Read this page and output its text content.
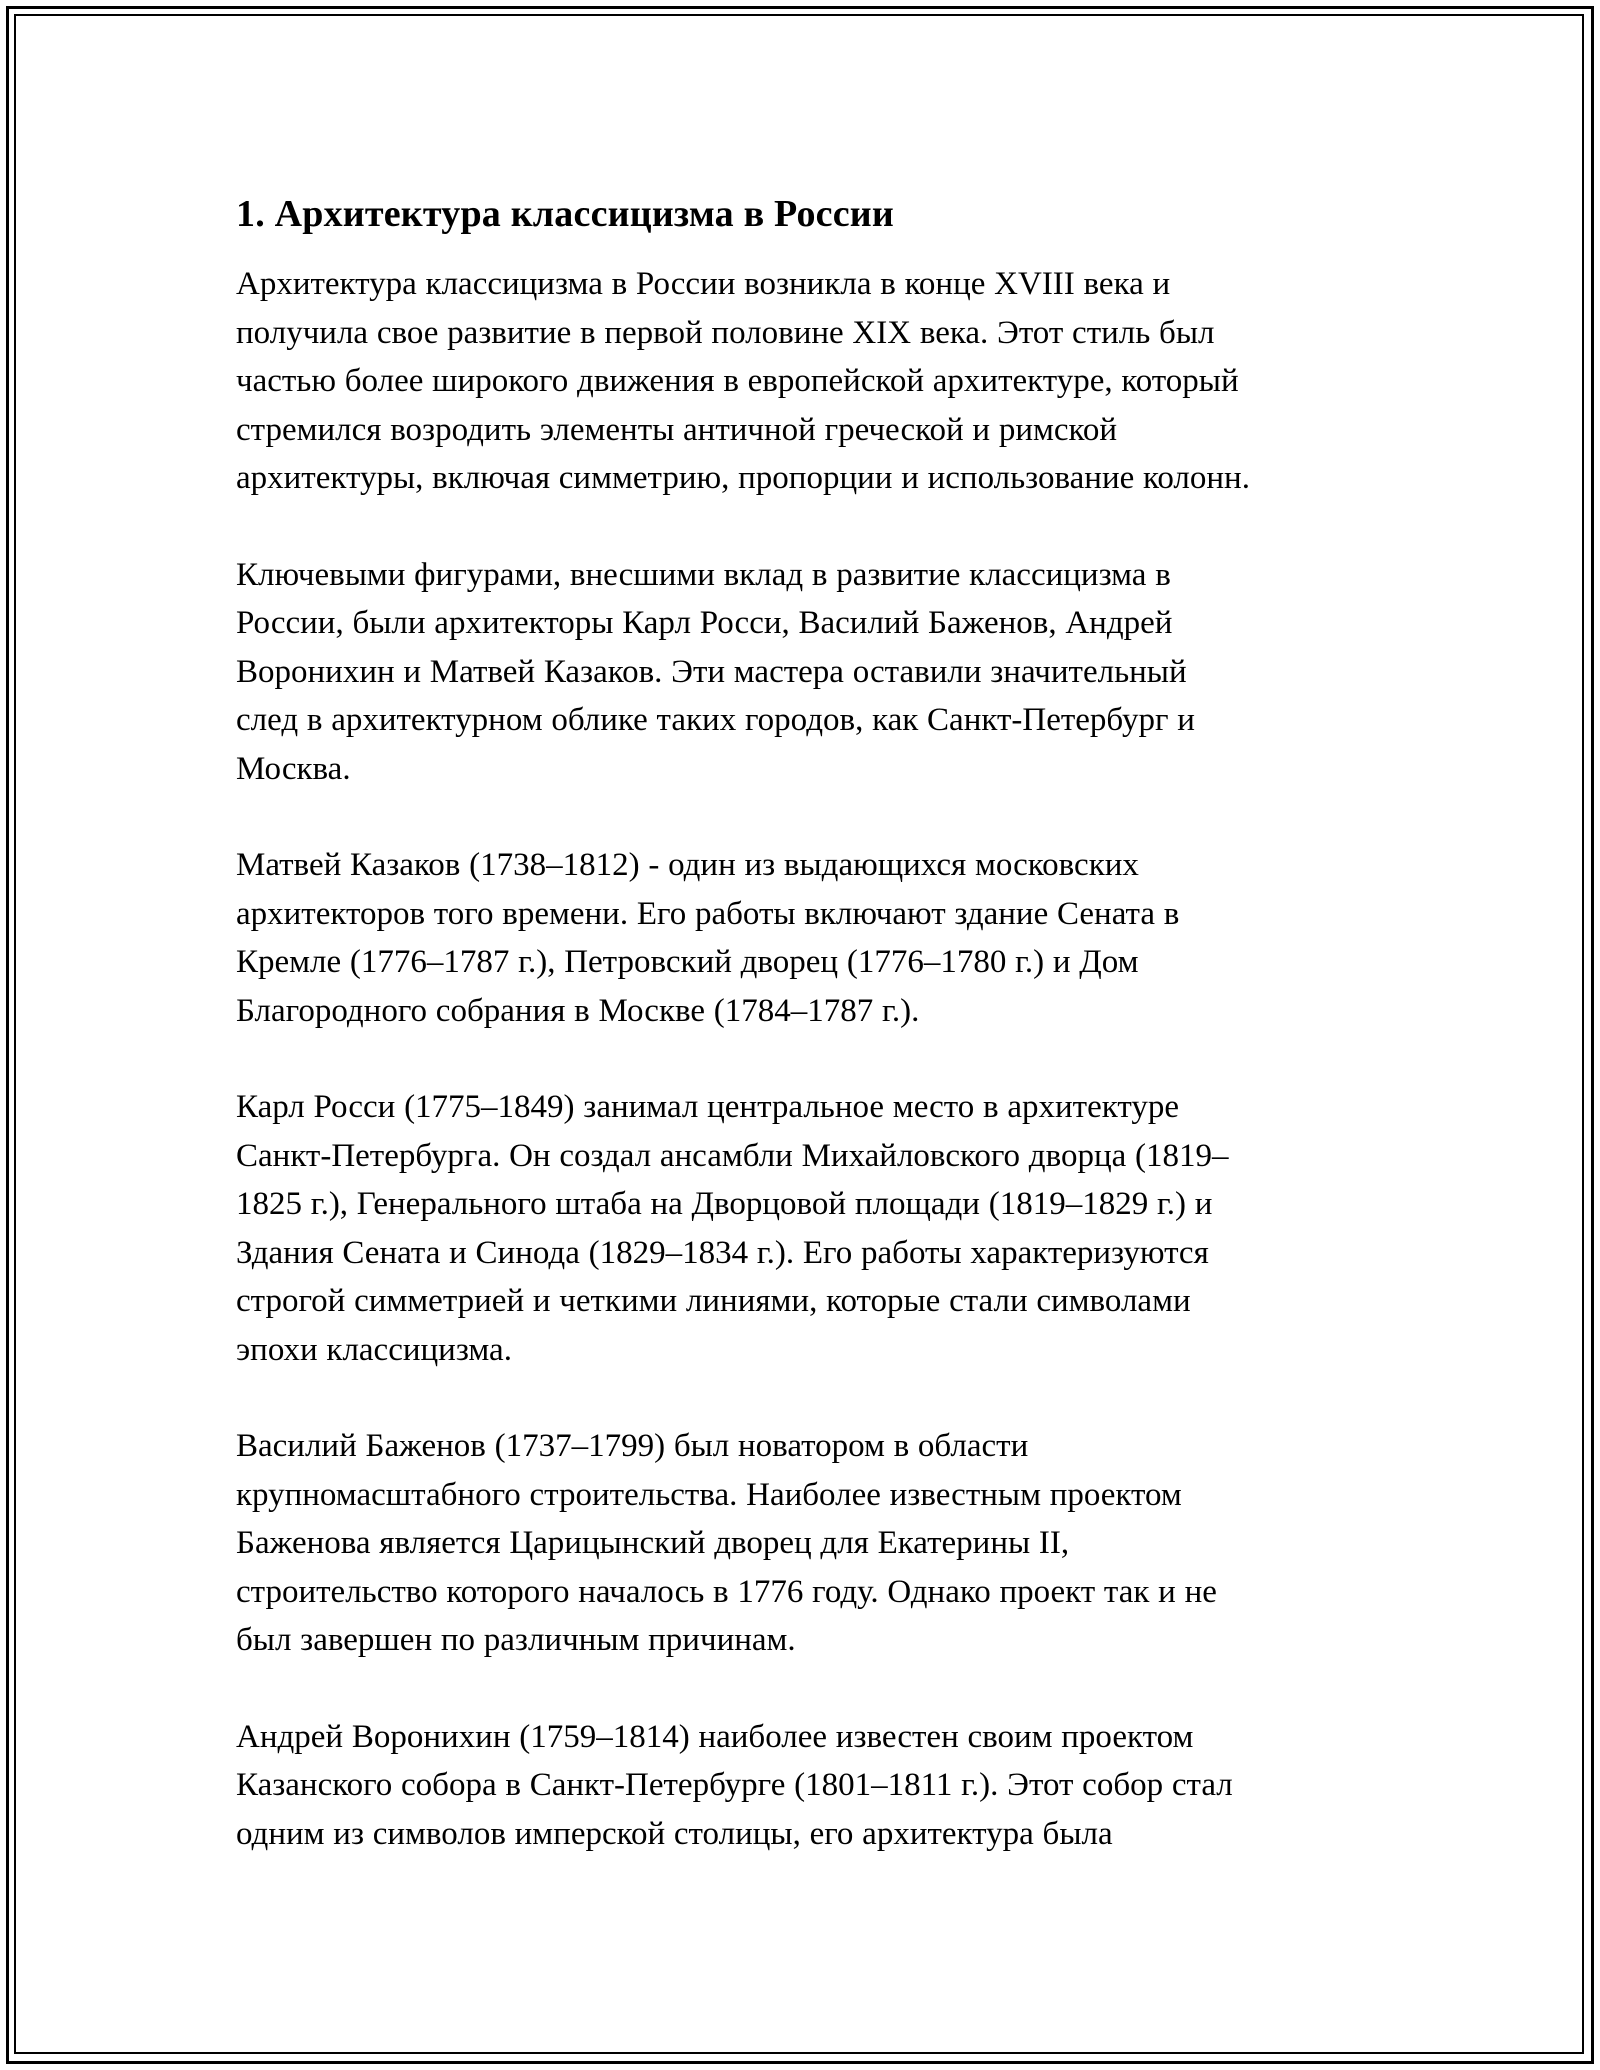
1. Архитектура классицизма в России

Архитектура классицизма в России возникла в конце XVIII века и
получила свое развитие в первой половине XIX века. Этот стиль был
частью более широкого движения в европейской архитектуре, который
стремился возродить элементы античной греческой и римской
архитектуры, включая симметрию, пропорции и использование колонн.

Ключевыми фигурами, внесшими вклад в развитие классицизма в
России, были архитекторы Карл Росси, Василий Баженов, Андрей
Воронихин и Матвей Казаков. Эти мастера оставили значительный
след в архитектурном облике таких городов, как Санкт-Петербург и
Москва.

Матвей Казаков (1738–1812) - один из выдающихся московских
архитекторов того времени. Его работы включают здание Сената в
Кремле (1776–1787 г.), Петровский дворец (1776–1780 г.) и Дом
Благородного собрания в Москве (1784–1787 г.).

Карл Росси (1775–1849) занимал центральное место в архитектуре
Санкт-Петербурга. Он создал ансамбли Михайловского дворца (1819–
1825 г.), Генерального штаба на Дворцовой площади (1819–1829 г.) и
Здания Сената и Синода (1829–1834 г.). Его работы характеризуются
строгой симметрией и четкими линиями, которые стали символами
эпохи классицизма.

Василий Баженов (1737–1799) был новатором в области
крупномасштабного строительства. Наиболее известным проектом
Баженова является Царицынский дворец для Екатерины II,
строительство которого началось в 1776 году. Однако проект так и не
был завершен по различным причинам.

Андрей Воронихин (1759–1814) наиболее известен своим проектом
Казанского собора в Санкт-Петербурге (1801–1811 г.). Этот собор стал
одним из символов имперской столицы, его архитектура была
